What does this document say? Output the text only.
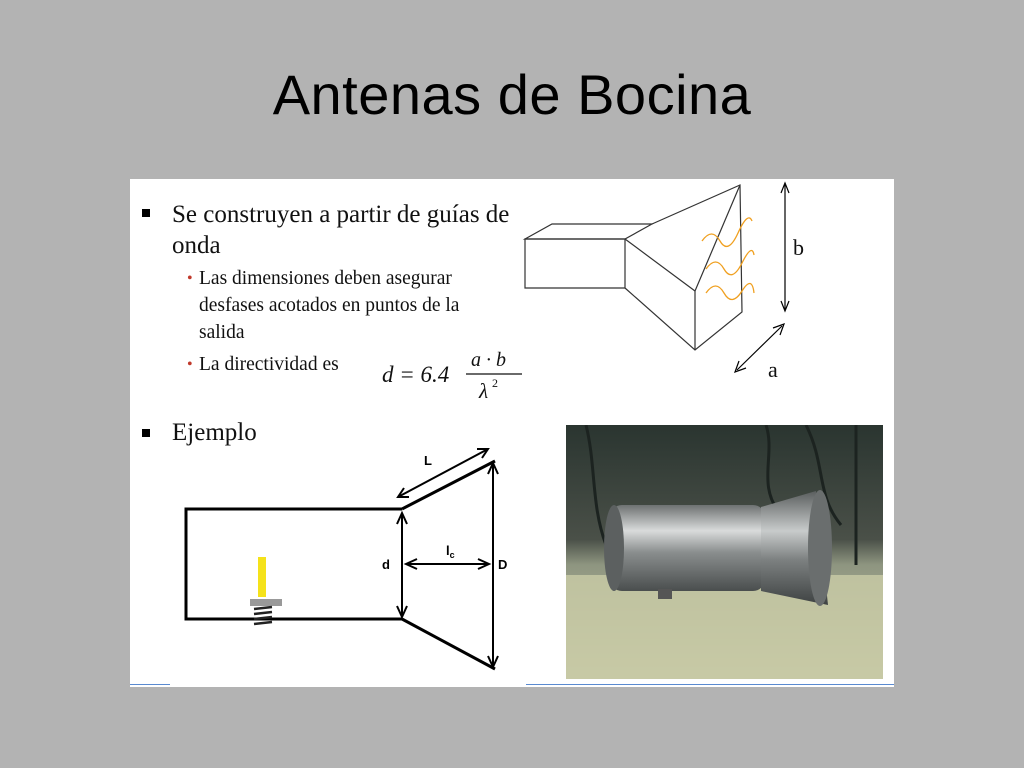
Antenas de Bocina
Se construyen a partir de guías de onda
• Las dimensiones deben asegurar desfases acotados en puntos de la salida
• La directividad es	d = 6.4
a · b
λ 2
Ejemplo
b
a
L
d
$l_c$
D
